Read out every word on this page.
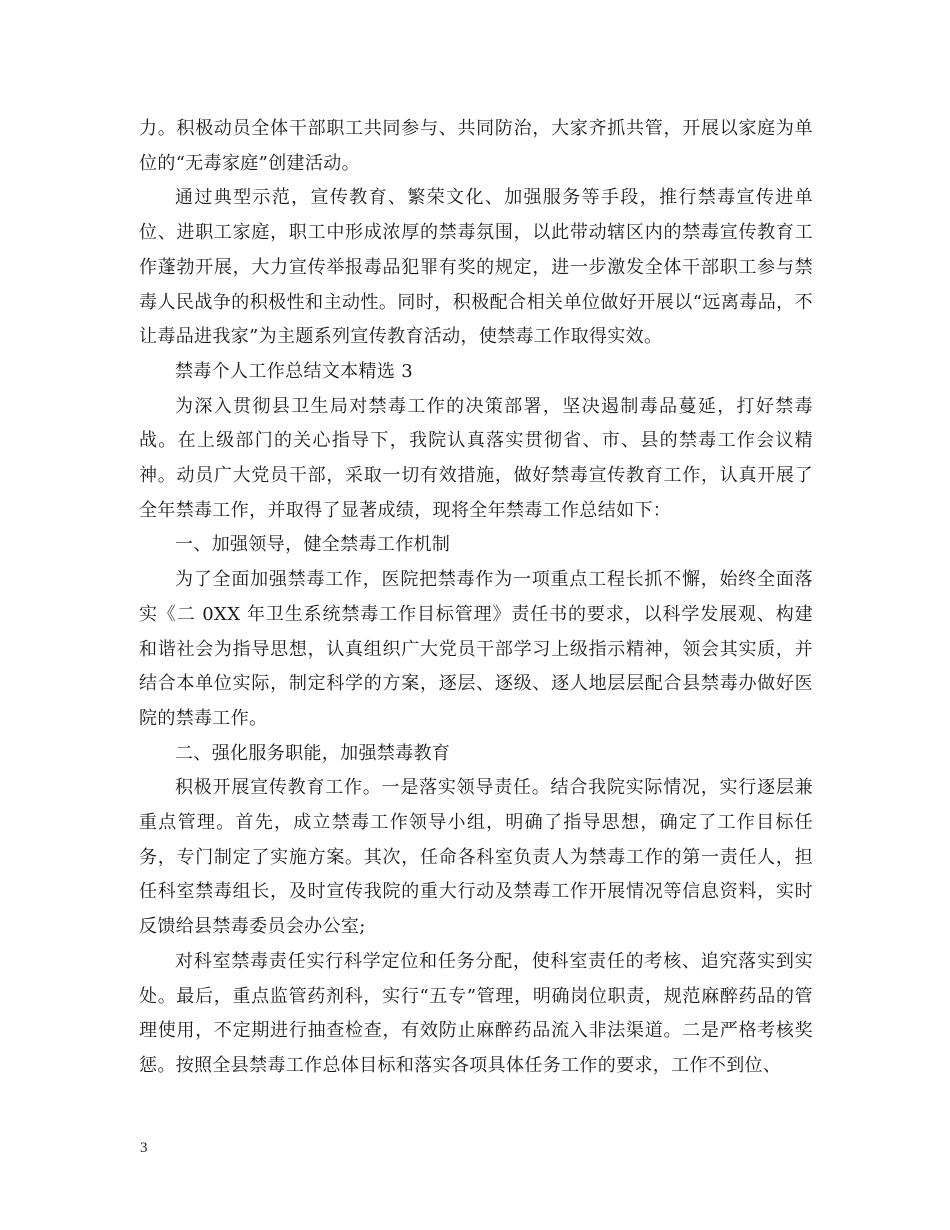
力。积极动员全体干部职工共同参与、共同防治，大家齐抓共管，开展以家庭为单位的“无毒家庭”创建活动。

通过典型示范，宣传教育、繁荣文化、加强服务等手段，推行禁毒宣传进单位、进职工家庭，职工中形成浓厚的禁毒氛围，以此带动辖区内的禁毒宣传教育工作蓬勃开展，大力宣传举报毒品犯罪有奖的规定，进一步激发全体干部职工参与禁毒人民战争的积极性和主动性。同时，积极配合相关单位做好开展以“远离毒品，不让毒品进我家”为主题系列宣传教育活动，使禁毒工作取得实效。

禁毒个人工作总结文本精选 3

为深入贯彻县卫生局对禁毒工作的决策部署，坚决遏制毒品蔓延，打好禁毒战。在上级部门的关心指导下，我院认真落实贯彻省、市、县的禁毒工作会议精神。动员广大党员干部，采取一切有效措施，做好禁毒宣传教育工作，认真开展了全年禁毒工作，并取得了显著成绩，现将全年禁毒工作总结如下：

一、加强领导，健全禁毒工作机制

为了全面加强禁毒工作，医院把禁毒作为一项重点工程长抓不懈，始终全面落实《二 0XX 年卫生系统禁毒工作目标管理》责任书的要求，以科学发展观、构建和谐社会为指导思想，认真组织广大党员干部学习上级指示精神，领会其实质，并结合本单位实际，制定科学的方案，逐层、逐级、逐人地层层配合县禁毒办做好医院的禁毒工作。

二、强化服务职能，加强禁毒教育

积极开展宣传教育工作。一是落实领导责任。结合我院实际情况，实行逐层兼重点管理。首先，成立禁毒工作领导小组，明确了指导思想，确定了工作目标任务，专门制定了实施方案。其次，任命各科室负责人为禁毒工作的第一责任人，担任科室禁毒组长，及时宣传我院的重大行动及禁毒工作开展情况等信息资料，实时反馈给县禁毒委员会办公室;

对科室禁毒责任实行科学定位和任务分配，使科室责任的考核、追究落实到实处。最后，重点监管药剂科，实行“五专”管理，明确岗位职责，规范麻醉药品的管理使用，不定期进行抽查检查，有效防止麻醉药品流入非法渠道。二是严格考核奖惩。按照全县禁毒工作总体目标和落实各项具体任务工作的要求，工作不到位、

3
